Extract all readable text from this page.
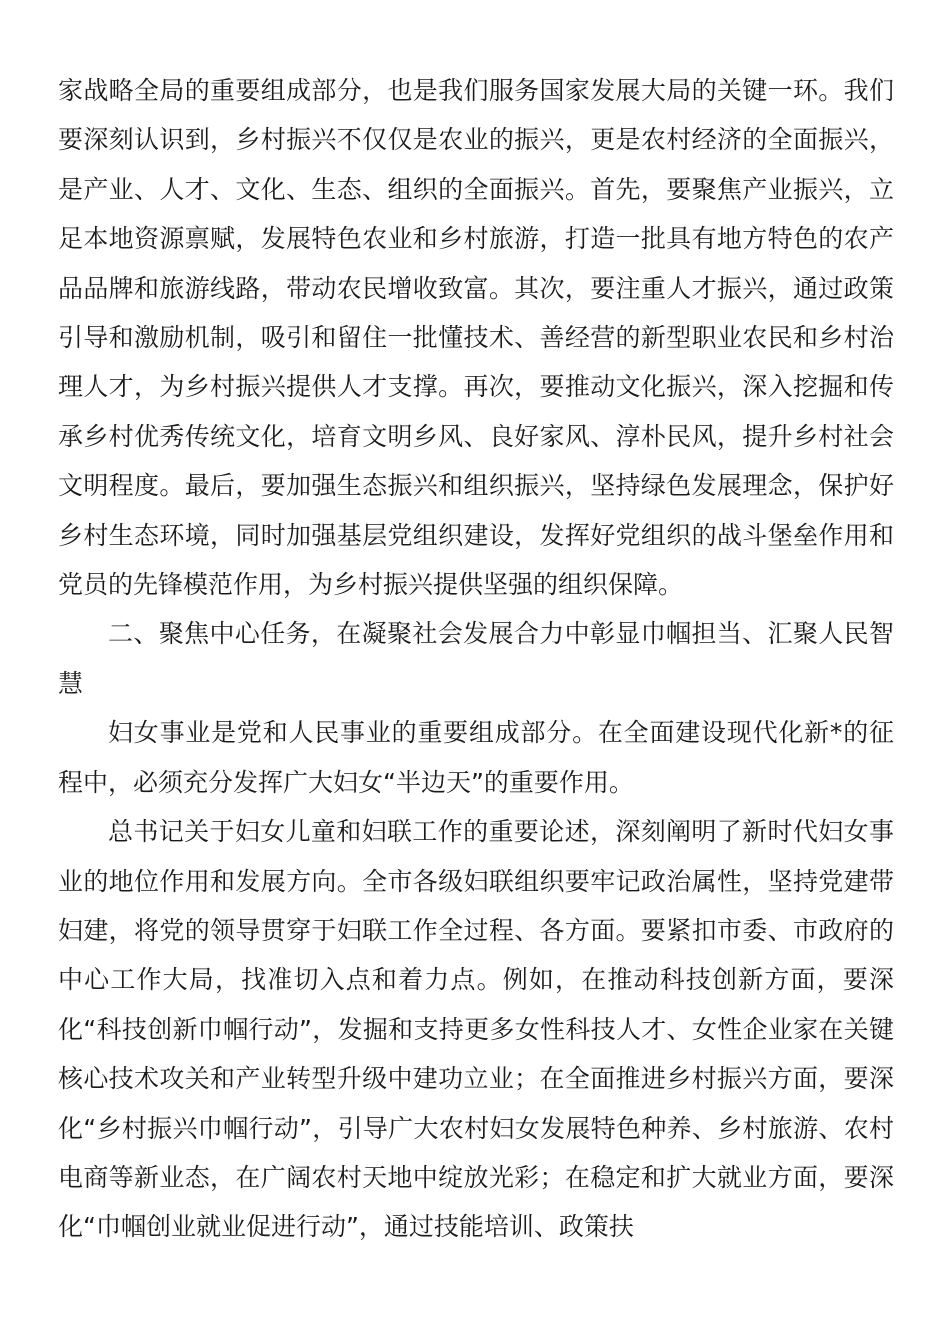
家战略全局的重要组成部分，也是我们服务国家发展大局的关键一环。我们要深刻认识到，乡村振兴不仅仅是农业的振兴，更是农村经济的全面振兴，是产业、人才、文化、生态、组织的全面振兴。首先，要聚焦产业振兴，立足本地资源禀赋，发展特色农业和乡村旅游，打造一批具有地方特色的农产品品牌和旅游线路，带动农民增收致富。其次，要注重人才振兴，通过政策引导和激励机制，吸引和留住一批懂技术、善经营的新型职业农民和乡村治理人才，为乡村振兴提供人才支撑。再次，要推动文化振兴，深入挖掘和传承乡村优秀传统文化，培育文明乡风、良好家风、淳朴民风，提升乡村社会文明程度。最后，要加强生态振兴和组织振兴，坚持绿色发展理念，保护好乡村生态环境，同时加强基层党组织建设，发挥好党组织的战斗堡垒作用和党员的先锋模范作用，为乡村振兴提供坚强的组织保障。

二、聚焦中心任务，在凝聚社会发展合力中彰显巾帼担当、汇聚人民智慧

妇女事业是党和人民事业的重要组成部分。在全面建设现代化新*的征程中，必须充分发挥广大妇女“半边天”的重要作用。

总书记关于妇女儿童和妇联工作的重要论述，深刻阐明了新时代妇女事业的地位作用和发展方向。全市各级妇联组织要牢记政治属性，坚持党建带妇建，将党的领导贯穿于妇联工作全过程、各方面。要紧扣市委、市政府的中心工作大局，找准切入点和着力点。例如，在推动科技创新方面，要深化“科技创新巾帼行动”，发掘和支持更多女性科技人才、女性企业家在关键核心技术攻关和产业转型升级中建功立业；在全面推进乡村振兴方面，要深化“乡村振兴巾帼行动”，引导广大农村妇女发展特色种养、乡村旅游、农村电商等新业态，在广阔农村天地中绽放光彩；在稳定和扩大就业方面，要深化“巾帼创业就业促进行动”，通过技能培训、政策扶
